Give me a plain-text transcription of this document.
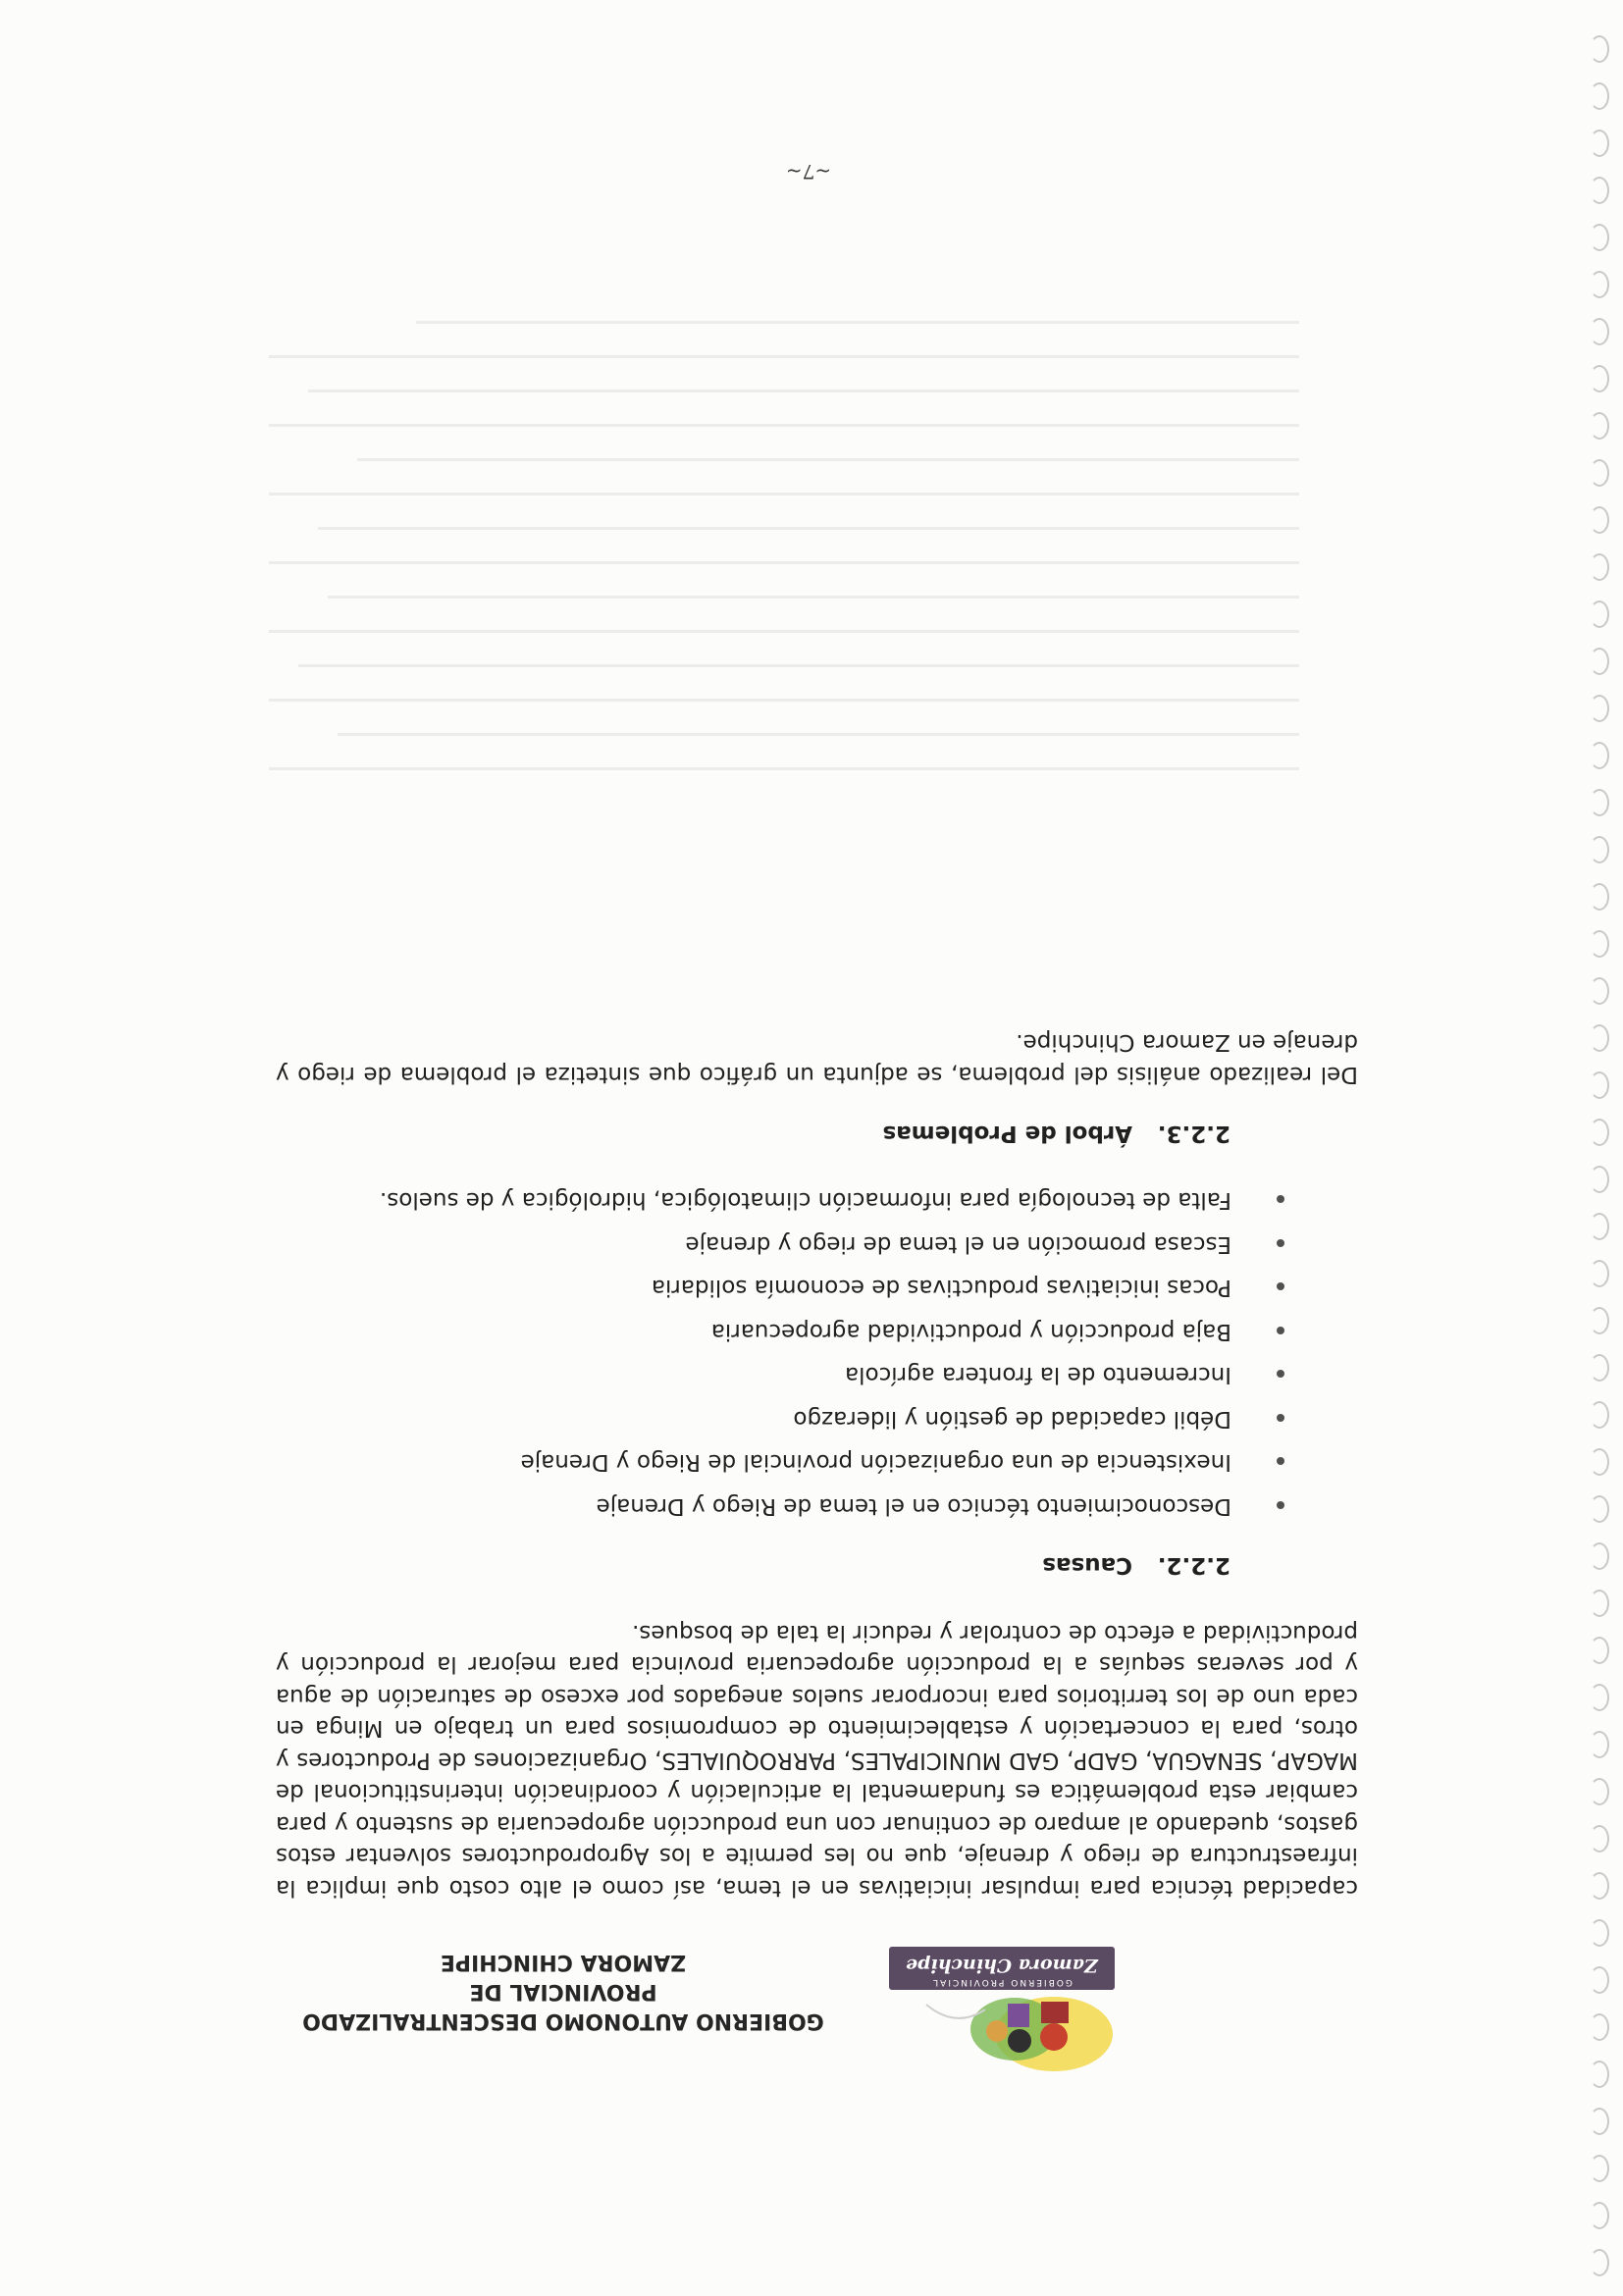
GOBIERNO PROVINCIAL
Zamora Chinchipe
GOBIERNO AUTONOMO DESCENTRALIZADO PROVINCIAL DE
ZAMORA CHINCHIPE

capacidad técnica para impulsar iniciativas en el tema, así como el alto costo que implica la infraestructura de riego y drenaje, que no les permite a los Agroproductores solventar estos gastos, quedando al amparo de continuar con una producción agropecuaria de sustento y para cambiar esta problemática es fundamental la articulación y coordinación interinstitucional de MAGAP, SENAGUA, GADP, GAD MUNICIPALES, PARROQUIALES, Organizaciones de Productores y otros, para la concertación y establecimiento de compromisos para un trabajo en Minga en cada uno de los territorios para incorporar suelos anegados por exceso de saturación de agua y por severas sequías a la producción agropecuaria provincia para mejorar la producción y productividad a efecto de controlar y reducir la tala de bosques.

2.2.2.Causas
Desconocimiento técnico en el tema de Riego y Drenaje
Inexistencia de una organización provincial de Riego y Drenaje
Débil capacidad de gestión y liderazgo
Incremento de la frontera agrícola
Baja producción y productividad agropecuaria
Pocas iniciativas productivas de economía solidaria
Escasa promoción en el tema de riego y drenaje
Falta de tecnología para información climatológica, hidrológica y de suelos.
2.2.3.Árbol de Problemas

Del realizado análisis del problema, se adjunta un gráfico que sintetiza el problema de riego y drenaje en Zamora Chinchipe.

~7~
